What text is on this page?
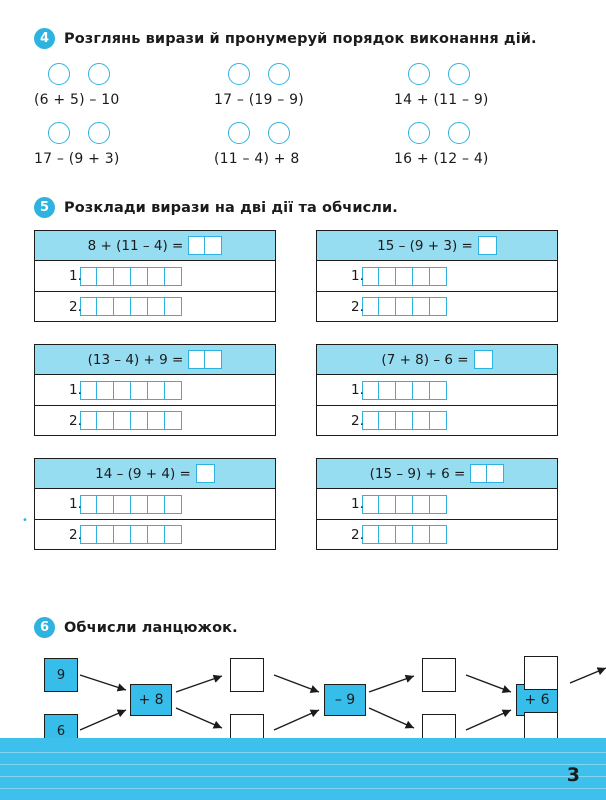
•
4	Розглянь вирази й пронумеруй порядок виконання дій.
(6 + 5) – 10	17 – (19 – 9)	14 + (11 – 9)
17 – (9 + 3)	(11 – 4) + 8	16 + (12 – 4)
5	Розклади вирази на дві дії та обчисли.
8 + (11 – 4) =
1.
2.
15 – (9 + 3) =
1.
2.
(13 – 4) + 9 =
1.
2.
(7 + 8) – 6 =
1.
2.
14 – (9 + 4) =
1.
2.
(15 – 9) + 6 =
1.
2.
6	Обчисли ланцюжок.
9
6
+ 8	– 9	+ 6
3
